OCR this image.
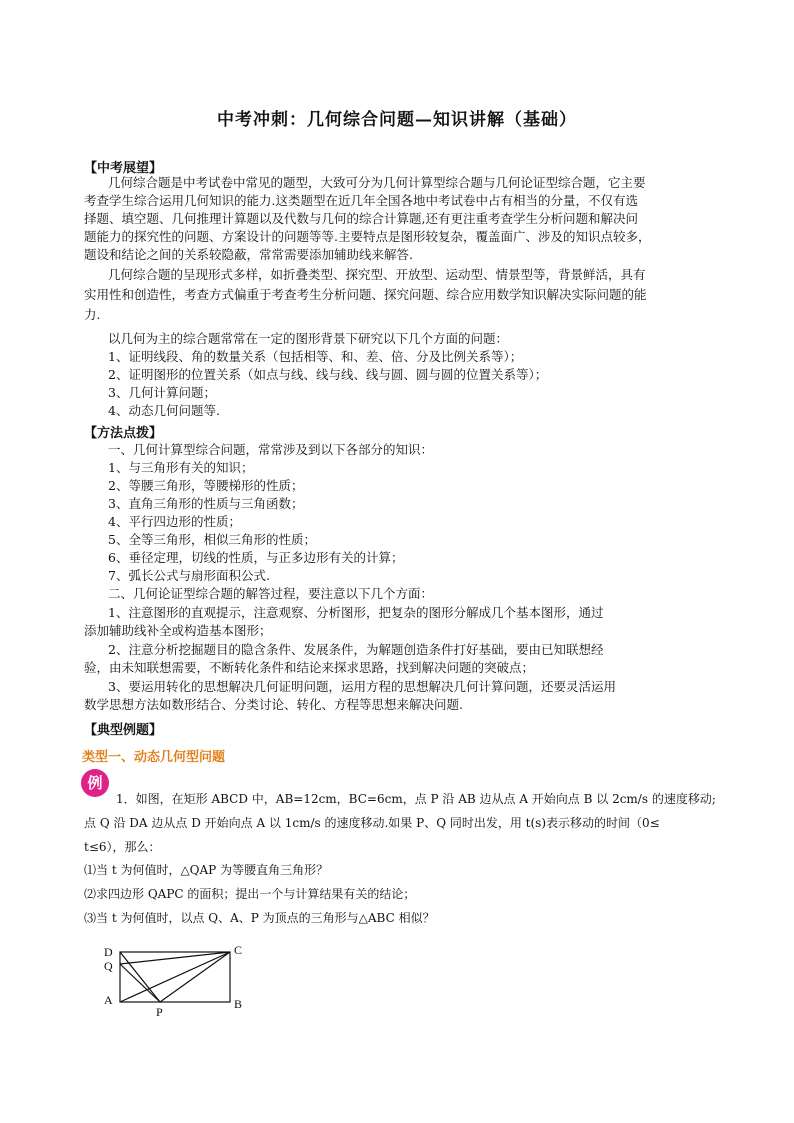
中考冲刺：几何综合问题—知识讲解（基础）
【中考展望】
几何综合题是中考试卷中常见的题型，大致可分为几何计算型综合题与几何论证型综合题，它主要
考查学生综合运用几何知识的能力.这类题型在近几年全国各地中考试卷中占有相当的分量，不仅有选
择题、填空题、几何推理计算题以及代数与几何的综合计算题,还有更注重考查学生分析问题和解决问
题能力的探究性的问题、方案设计的问题等等.主要特点是图形较复杂，覆盖面广、涉及的知识点较多，
题设和结论之间的关系较隐蔽，常常需要添加辅助线来解答.
几何综合题的呈现形式多样，如折叠类型、探究型、开放型、运动型、情景型等，背景鲜活，具有
实用性和创造性，考查方式偏重于考查考生分析问题、探究问题、综合应用数学知识解决实际问题的能
力.
以几何为主的综合题常常在一定的图形背景下研究以下几个方面的问题：
1、证明线段、角的数量关系（包括相等、和、差、倍、分及比例关系等）；
2、证明图形的位置关系（如点与线、线与线、线与圆、圆与圆的位置关系等）；
3、几何计算问题；
4、动态几何问题等.
【方法点拨】
一、几何计算型综合问题，常常涉及到以下各部分的知识：
1、与三角形有关的知识；
2、等腰三角形，等腰梯形的性质；
3、直角三角形的性质与三角函数；
4、平行四边形的性质；
5、全等三角形，相似三角形的性质；
6、垂径定理，切线的性质，与正多边形有关的计算；
7、弧长公式与扇形面积公式.
二、几何论证型综合题的解答过程，要注意以下几个方面：
1、注意图形的直观提示，注意观察、分析图形，把复杂的图形分解成几个基本图形，通过
添加辅助线补全或构造基本图形；
2、注意分析挖掘题目的隐含条件、发展条件，为解题创造条件打好基础，要由已知联想经
验，由未知联想需要，不断转化条件和结论来探求思路，找到解决问题的突破点；
3、要运用转化的思想解决几何证明问题，运用方程的思想解决几何计算问题，还要灵活运用
数学思想方法如数形结合、分类讨论、转化、方程等思想来解决问题.
【典型例题】
类型一、动态几何型问题
例
1．如图，在矩形 ABCD 中，AB=12cm，BC=6cm，点 P 沿 AB 边从点 A 开始向点 B 以 2cm/s 的速度移动;
点 Q 沿 DA 边从点 D 开始向点 A 以 1cm/s 的速度移动.如果 P、Q 同时出发，用 t(s)表示移动的时间（0≤
t≤6），那么：
⑴当 t 为何值时，△QAP 为等腰直角三角形？
⑵求四边形 QAPC 的面积；提出一个与计算结果有关的结论；
⑶当 t 为何值时，以点 Q、A、P 为顶点的三角形与△ABC 相似？
D
Q
A
P
B
C
